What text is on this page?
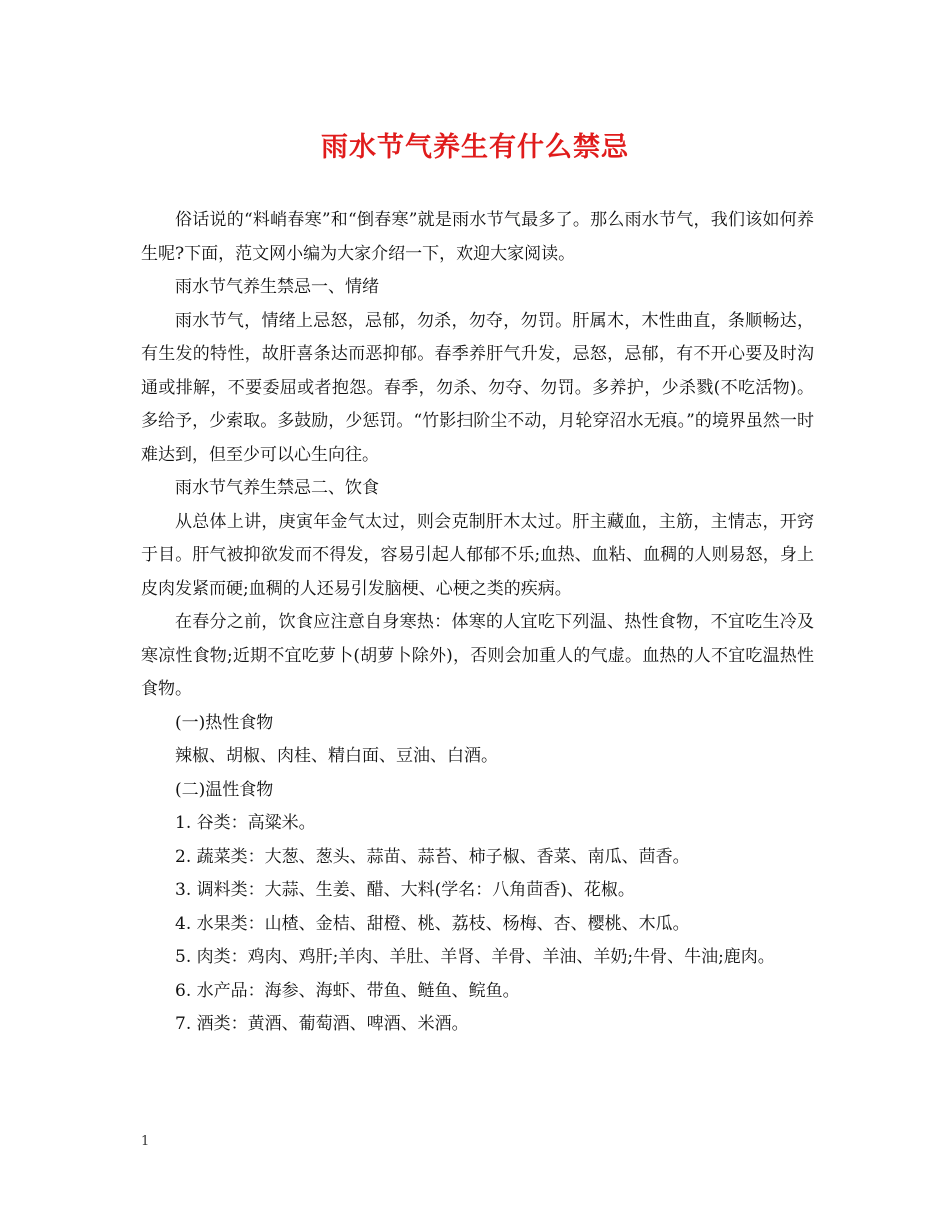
雨水节气养生有什么禁忌

俗话说的“料峭春寒”和“倒春寒”就是雨水节气最多了。那么雨水节气，我们该如何养生呢?下面，范文网小编为大家介绍一下，欢迎大家阅读。

雨水节气养生禁忌一、情绪

雨水节气，情绪上忌怒，忌郁，勿杀，勿夺，勿罚。肝属木，木性曲直，条顺畅达，有生发的特性，故肝喜条达而恶抑郁。春季养肝气升发，忌怒，忌郁，有不开心要及时沟通或排解，不要委屈或者抱怨。春季，勿杀、勿夺、勿罚。多养护，少杀戮(不吃活物)。多给予，少索取。多鼓励，少惩罚。“竹影扫阶尘不动，月轮穿沼水无痕。”的境界虽然一时难达到，但至少可以心生向往。

雨水节气养生禁忌二、饮食

从总体上讲，庚寅年金气太过，则会克制肝木太过。肝主藏血，主筋，主情志，开窍于目。肝气被抑欲发而不得发，容易引起人郁郁不乐;血热、血粘、血稠的人则易怒，身上皮肉发紧而硬;血稠的人还易引发脑梗、心梗之类的疾病。

在春分之前，饮食应注意自身寒热：体寒的人宜吃下列温、热性食物，不宜吃生冷及寒凉性食物;近期不宜吃萝卜(胡萝卜除外)，否则会加重人的气虚。血热的人不宜吃温热性食物。

(一)热性食物

辣椒、胡椒、肉桂、精白面、豆油、白酒。

(二)温性食物

1. 谷类：高粱米。

2. 蔬菜类：大葱、葱头、蒜苗、蒜苔、柿子椒、香菜、南瓜、茴香。

3. 调料类：大蒜、生姜、醋、大料(学名：八角茴香)、花椒。

4. 水果类：山楂、金桔、甜橙、桃、荔枝、杨梅、杏、樱桃、木瓜。

5. 肉类：鸡肉、鸡肝;羊肉、羊肚、羊肾、羊骨、羊油、羊奶;牛骨、牛油;鹿肉。

6. 水产品：海参、海虾、带鱼、鲢鱼、鲩鱼。

7. 酒类：黄酒、葡萄酒、啤酒、米酒。

1
